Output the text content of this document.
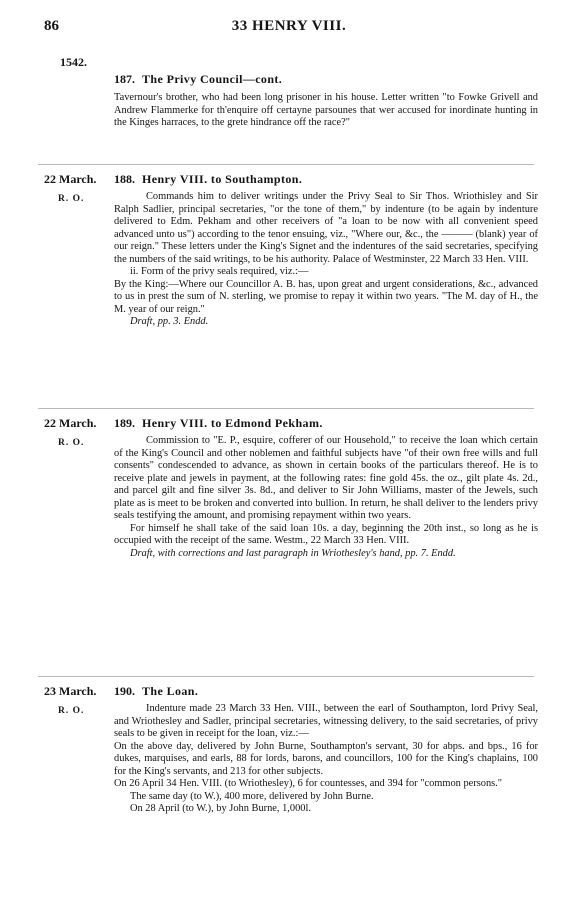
86	33 HENRY VIII.
1542.
187. The Privy Council—cont.

Tavernour's brother, who had been long prisoner in his house. Letter written "to Fowke Grivell and Andrew Flammerke for th'enquire off certayne parsounes that wer accused for inordinate hunting in the Kinges harraces, to the grete hindrance off the race?"

22 March.
R. O.
188. Henry VIII. to Southampton.

Commands him to deliver writings under the Privy Seal to Sir Thos. Wriothisley and Sir Ralph Sadlier, principal secretaries, "or the tone of them," by indenture (to be again by indenture delivered to Edm. Pekham and other receivers of "a loan to be now with all convenient speed advanced unto us") according to the tenor ensuing, viz., "Where our, &c., the ——— (blank) year of our reign." These letters under the King's Signet and the indentures of the said secretaries, specifying the numbers of the said writings, to be his authority. Palace of Westminster, 22 March 33 Hen. VIII.

ii. Form of the privy seals required, viz.:—

By the King:—Where our Councillor A. B. has, upon great and urgent considerations, &c., advanced to us in prest the sum of N. sterling, we promise to repay it within two years. "The M. day of H., the M. year of our reign."

Draft, pp. 3. Endd.

22 March.
R. O.
189. Henry VIII. to Edmond Pekham.

Commission to "E. P., esquire, cofferer of our Household," to receive the loan which certain of the King's Council and other noblemen and faithful subjects have "of their own free wills and full consents" condescended to advance, as shown in certain books of the particulars thereof. He is to receive plate and jewels in payment, at the following rates: fine gold 45s. the oz., gilt plate 4s. 2d., and parcel gilt and fine silver 3s. 8d., and deliver to Sir John Williams, master of the Jewels, such plate as is meet to be broken and converted into bullion. In return, he shall deliver to the lenders privy seals testifying the amount, and promising repayment within two years.

For himself he shall take of the said loan 10s. a day, beginning the 20th inst., so long as he is occupied with the receipt of the same. Westm., 22 March 33 Hen. VIII.

Draft, with corrections and last paragraph in Wriothesley's hand, pp. 7. Endd.

23 March.
R. O.
190. The Loan.

Indenture made 23 March 33 Hen. VIII., between the earl of Southampton, lord Privy Seal, and Wriothesley and Sadler, principal secretaries, witnessing delivery, to the said secretaries, of privy seals to be given in receipt for the loan, viz.:—

On the above day, delivered by John Burne, Southampton's servant, 30 for abps. and bps., 16 for dukes, marquises, and earls, 88 for lords, barons, and councillors, 100 for the King's chaplains, 100 for the King's servants, and 213 for other subjects.

On 26 April 34 Hen. VIII. (to Wriothesley), 6 for countesses, and 394 for "common persons."

The same day (to W.), 400 more, delivered by John Burne.

On 28 April (to W.), by John Burne, 1,000l.
